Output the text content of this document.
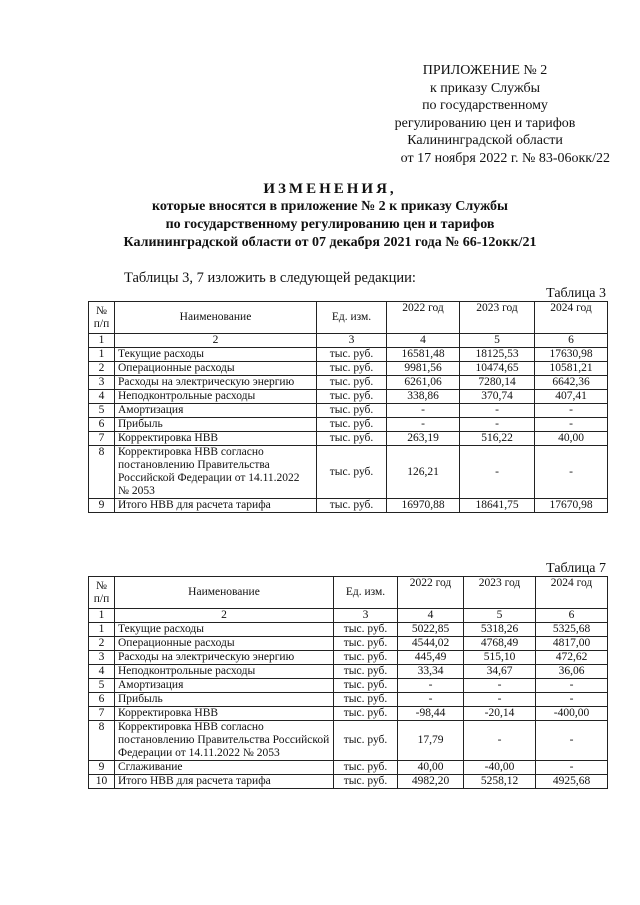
ПРИЛОЖЕНИЕ № 2
к приказу Службы
по государственному
регулированию цен и тарифов
Калининградской области
от 17 ноября 2022 г. № 83-06окк/22
ИЗМЕНЕНИЯ,
которые вносятся в приложение № 2 к приказу Службы
по государственному регулированию цен и тарифов
Калининградской области от 07 декабря 2021 года № 66-12окк/21
Таблицы 3, 7 изложить в следующей редакции:
Таблица 3
№ п/п	Наименование	Ед. изм.	2022 год	2023 год	2024 год
1	2	3	4	5	6
1	Текущие расходы	тыс. руб.	16581,48	18125,53	17630,98
2	Операционные расходы	тыс. руб.	9981,56	10474,65	10581,21
3	Расходы на электрическую энергию	тыс. руб.	6261,06	7280,14	6642,36
4	Неподконтрольные расходы	тыс. руб.	338,86	370,74	407,41
5	Амортизация	тыс. руб.	-	-	-
6	Прибыль	тыс. руб.	-	-	-
7	Корректировка НВВ	тыс. руб.	263,19	516,22	40,00
8	Корректировка НВВ согласно постановлению Правительства Российской Федерации от 14.11.2022 № 2053	тыс. руб.	126,21	-	-
9	Итого НВВ для расчета тарифа	тыс. руб.	16970,88	18641,75	17670,98
Таблица 7
№ п/п	Наименование	Ед. изм.	2022 год	2023 год	2024 год
1	2	3	4	5	6
1	Текущие расходы	тыс. руб.	5022,85	5318,26	5325,68
2	Операционные расходы	тыс. руб.	4544,02	4768,49	4817,00
3	Расходы на электрическую энергию	тыс. руб.	445,49	515,10	472,62
4	Неподконтрольные расходы	тыс. руб.	33,34	34,67	36,06
5	Амортизация	тыс. руб.	-	-	-
6	Прибыль	тыс. руб.	-	-	-
7	Корректировка НВВ	тыс. руб.	-98,44	-20,14	-400,00
8	Корректировка НВВ согласно постановлению Правительства Российской Федерации от 14.11.2022 № 2053	тыс. руб.	17,79	-	-
9	Сглаживание	тыс. руб.	40,00	-40,00	-
10	Итого НВВ для расчета тарифа	тыс. руб.	4982,20	5258,12	4925,68
